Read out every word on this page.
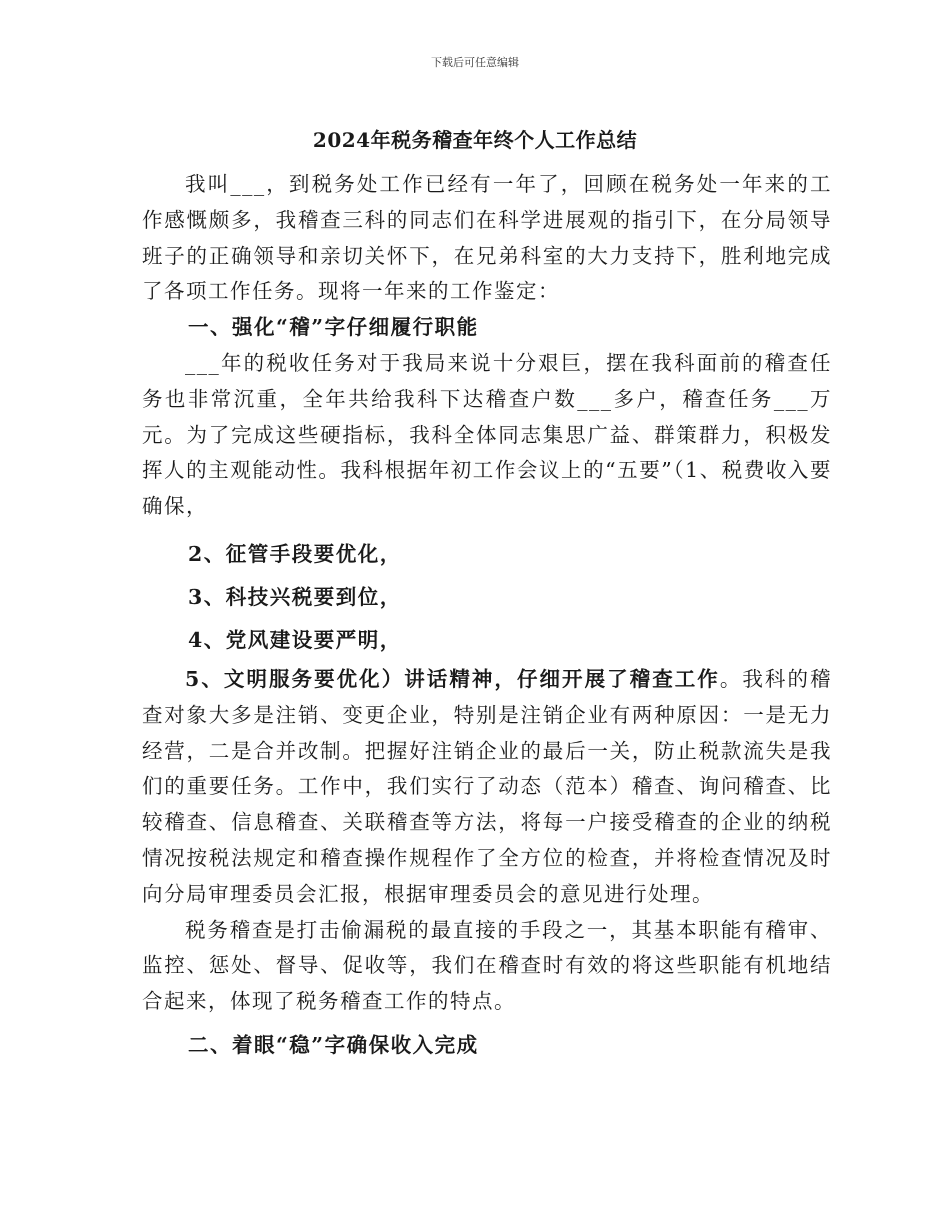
下载后可任意编辑
2024年税务稽查年终个人工作总结

我叫___，到税务处工作已经有一年了，回顾在税务处一年来的工作感慨颇多，我稽查三科的同志们在科学进展观的指引下，在分局领导班子的正确领导和亲切关怀下，在兄弟科室的大力支持下，胜利地完成了各项工作任务。现将一年来的工作鉴定：

一、强化“稽”字仔细履行职能

___年的税收任务对于我局来说十分艰巨，摆在我科面前的稽查任务也非常沉重，全年共给我科下达稽查户数___多户，稽查任务___万元。为了完成这些硬指标，我科全体同志集思广益、群策群力，积极发挥人的主观能动性。我科根据年初工作会议上的“五要”（1、税费收入要确保，

2、征管手段要优化，

3、科技兴税要到位，

4、党风建设要严明，

5、文明服务要优化）讲话精神，仔细开展了稽查工作。我科的稽查对象大多是注销、变更企业，特别是注销企业有两种原因：一是无力经营，二是合并改制。把握好注销企业的最后一关，防止税款流失是我们的重要任务。工作中，我们实行了动态（范本）稽查、询问稽查、比较稽查、信息稽查、关联稽查等方法，将每一户接受稽查的企业的纳税情况按税法规定和稽查操作规程作了全方位的检查，并将检查情况及时向分局审理委员会汇报，根据审理委员会的意见进行处理。

税务稽查是打击偷漏税的最直接的手段之一，其基本职能有稽审、监控、惩处、督导、促收等，我们在稽查时有效的将这些职能有机地结合起来，体现了税务稽查工作的特点。

二、着眼“稳”字确保收入完成
